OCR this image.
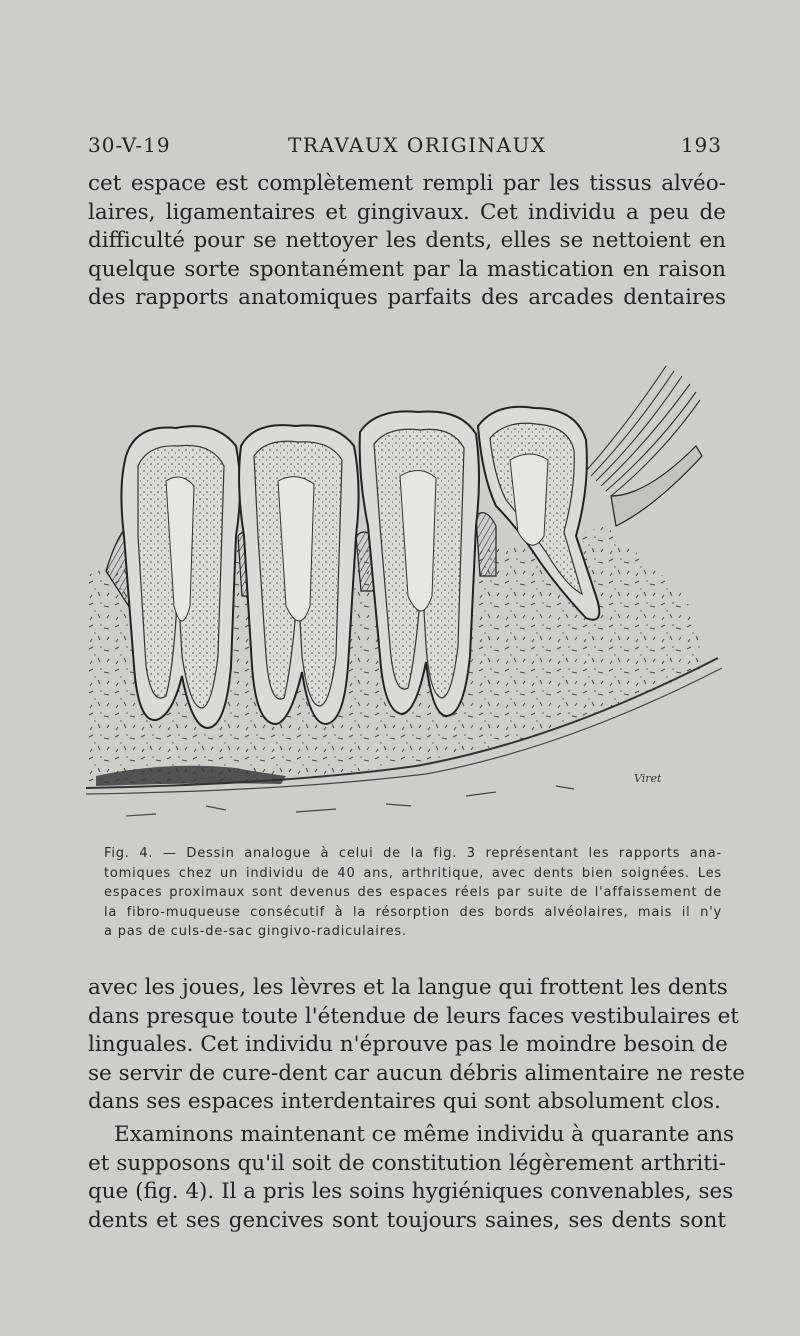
30-V-19	TRAVAUX ORIGINAUX	193
cet espace est complètement rempli par les tissus alvéo-
laires, ligamentaires et gingivaux. Cet individu a peu de
difficulté pour se nettoyer les dents, elles se nettoient en
quelque sorte spontanément par la mastication en raison
des rapports anatomiques parfaits des arcades dentaires
Viret
Fig. 4. — Dessin analogue à celui de la fig. 3 représentant les rapports ana-
tomiques chez un individu de 40 ans, arthritique, avec dents bien soignées. Les
espaces proximaux sont devenus des espaces réels par suite de l'affaissement de
la fibro-muqueuse consécutif à la résorption des bords alvéolaires, mais il n'y
a pas de culs-de-sac gingivo-radiculaires.
avec les joues, les lèvres et la langue qui frottent les dents
dans presque toute l'étendue de leurs faces vestibulaires et
linguales. Cet individu n'éprouve pas le moindre besoin de
se servir de cure-dent car aucun débris alimentaire ne reste
dans ses espaces interdentaires qui sont absolument clos.
Examinons maintenant ce même individu à quarante ans
et supposons qu'il soit de constitution légèrement arthriti-
que (fig. 4). Il a pris les soins hygiéniques convenables, ses
dents et ses gencives sont toujours saines, ses dents sont
